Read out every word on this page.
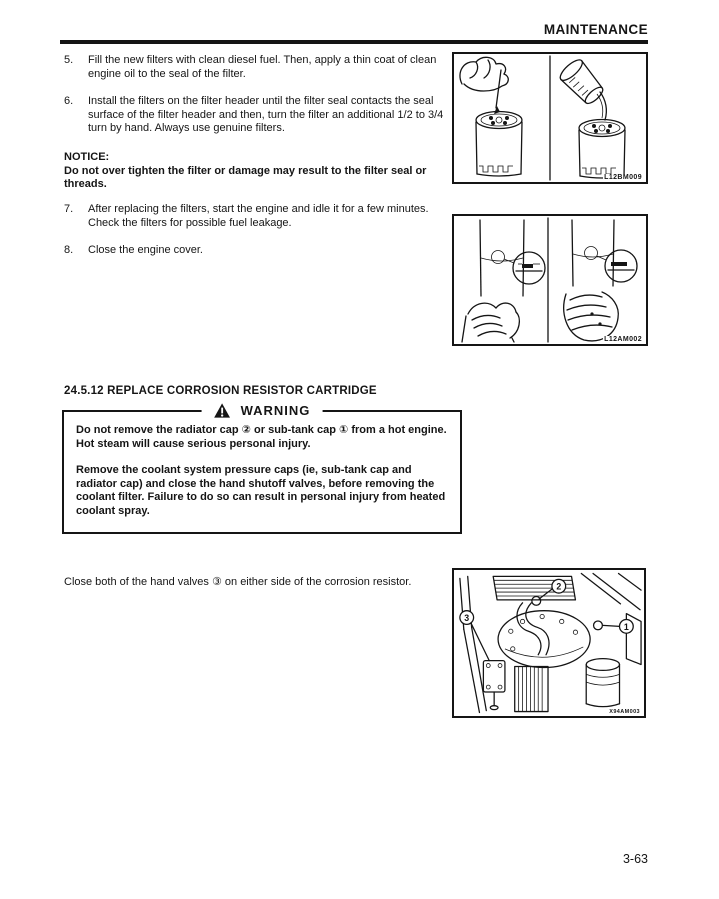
MAINTENANCE
5.	Fill the new filters with clean diesel fuel. Then, apply a thin coat of clean engine oil to the seal of the filter.
6.	Install the filters on the filter header until the filter seal contacts the seal surface of the filter header and then, turn the filter an additional 1/2 to 3/4 turn by hand. Always use genuine filters.
NOTICE:
Do not over tighten the filter or damage may result to the filter seal or threads.
7.	After replacing the filters, start the engine and idle it for a few minutes. Check the filters for possible fuel leakage.
8.	Close the engine cover.
24.5.12 REPLACE CORROSION RESISTOR CARTRIDGE
WARNING

Do not remove the radiator cap ② or sub-tank cap ① from a hot engine. Hot steam will cause serious personal injury.

Remove the coolant system pressure caps (ie, sub-tank cap and radiator cap) and close the hand shutoff valves, before removing the coolant filter. Failure to do so can result in personal injury from heated coolant spray.

Close both of the hand valves ③ on either side of the corrosion resistor.

L12BM009
L12AM002
2
1
3
X94AM003
3-63
